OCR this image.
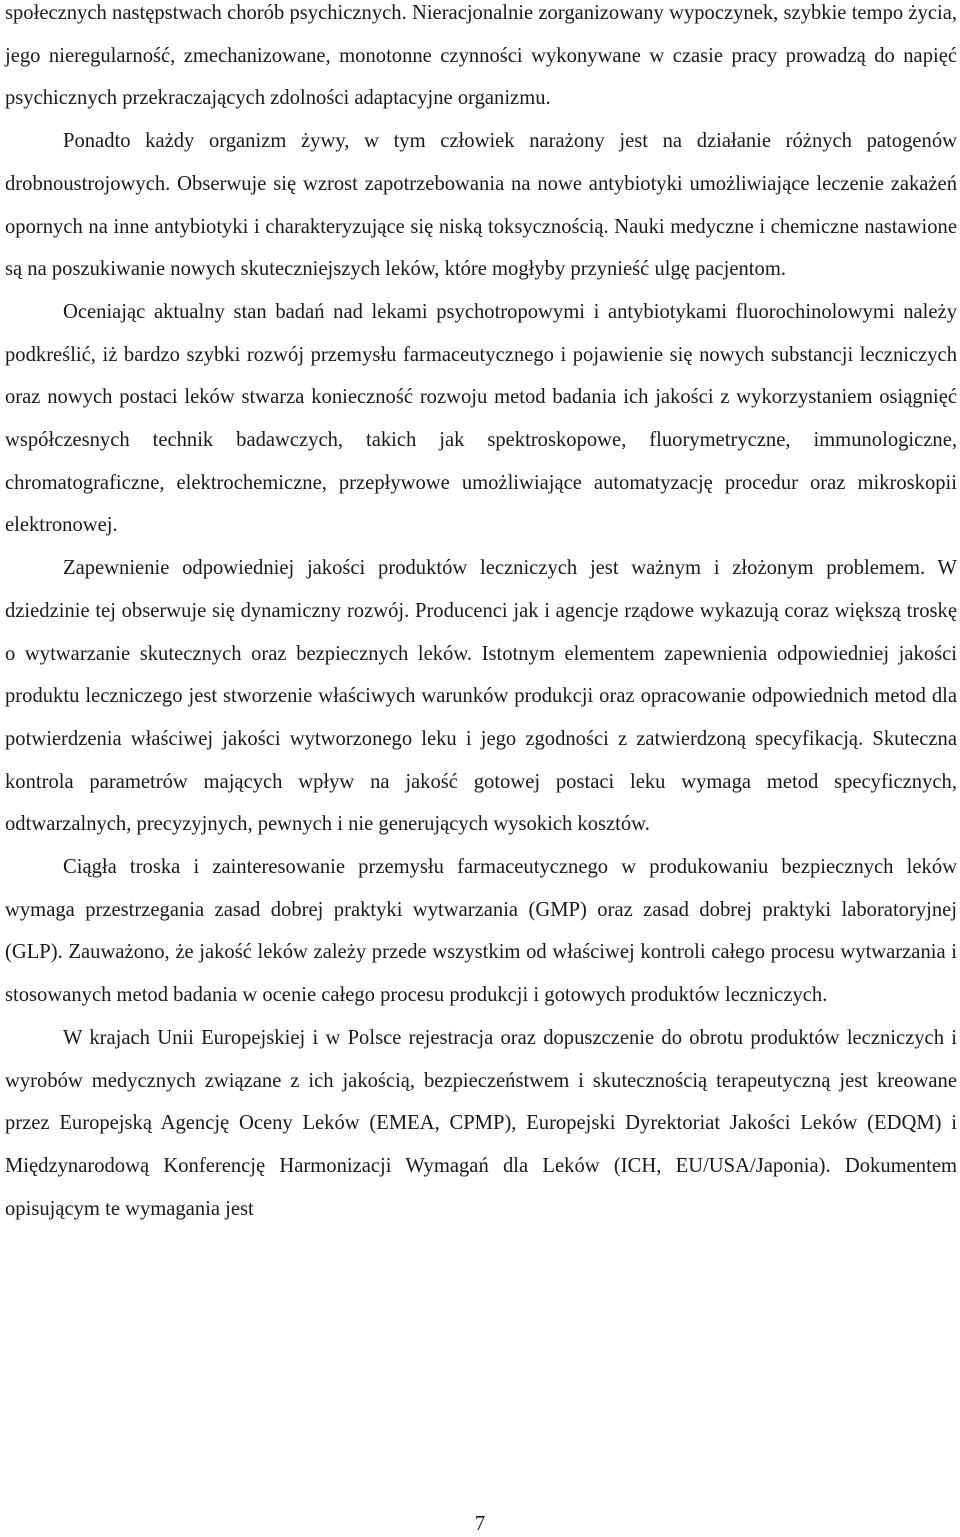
społecznych następstwach chorób psychicznych. Nieracjonalnie zorganizowany wypoczynek, szybkie tempo życia, jego nieregularność, zmechanizowane, monotonne czynności wykonywane w czasie pracy prowadzą do napięć psychicznych przekraczających zdolności adaptacyjne organizmu.

Ponadto każdy organizm żywy, w tym człowiek narażony jest na działanie różnych patogenów drobnoustrojowych. Obserwuje się wzrost zapotrzebowania na nowe antybiotyki umożliwiające leczenie zakażeń opornych na inne antybiotyki i charakteryzujące się niską toksycznością. Nauki medyczne i chemiczne nastawione są na poszukiwanie nowych skuteczniejszych leków, które mogłyby przynieść ulgę pacjentom.

Oceniając aktualny stan badań nad lekami psychotropowymi i antybiotykami fluorochinolowymi należy podkreślić, iż bardzo szybki rozwój przemysłu farmaceutycznego i pojawienie się nowych substancji leczniczych oraz nowych postaci leków stwarza konieczność rozwoju metod badania ich jakości z wykorzystaniem osiągnięć współczesnych technik badawczych, takich jak spektroskopowe, fluorymetryczne, immunologiczne, chromatograficzne, elektrochemiczne, przepływowe umożliwiające automatyzację procedur oraz mikroskopii elektronowej.

Zapewnienie odpowiedniej jakości produktów leczniczych jest ważnym i złożonym problemem. W dziedzinie tej obserwuje się dynamiczny rozwój. Producenci jak i agencje rządowe wykazują coraz większą troskę o wytwarzanie skutecznych oraz bezpiecznych leków. Istotnym elementem zapewnienia odpowiedniej jakości produktu leczniczego jest stworzenie właściwych warunków produkcji oraz opracowanie odpowiednich metod dla potwierdzenia właściwej jakości wytworzonego leku i jego zgodności z zatwierdzoną specyfikacją. Skuteczna kontrola parametrów mających wpływ na jakość gotowej postaci leku wymaga metod specyficznych, odtwarzalnych, precyzyjnych, pewnych i nie generujących wysokich kosztów.

Ciągła troska i zainteresowanie przemysłu farmaceutycznego w produkowaniu bezpiecznych leków wymaga przestrzegania zasad dobrej praktyki wytwarzania (GMP) oraz zasad dobrej praktyki laboratoryjnej (GLP). Zauważono, że jakość leków zależy przede wszystkim od właściwej kontroli całego procesu wytwarzania i stosowanych metod badania w ocenie całego procesu produkcji i gotowych produktów leczniczych.

W krajach Unii Europejskiej i w Polsce rejestracja oraz dopuszczenie do obrotu produktów leczniczych i wyrobów medycznych związane z ich jakością, bezpieczeństwem i skutecznością terapeutyczną jest kreowane przez Europejską Agencję Oceny Leków (EMEA, CPMP), Europejski Dyrektoriat Jakości Leków (EDQM) i Międzynarodową Konferencję Harmonizacji Wymagań dla Leków (ICH, EU/USA/Japonia). Dokumentem opisującym te wymagania jest

7
